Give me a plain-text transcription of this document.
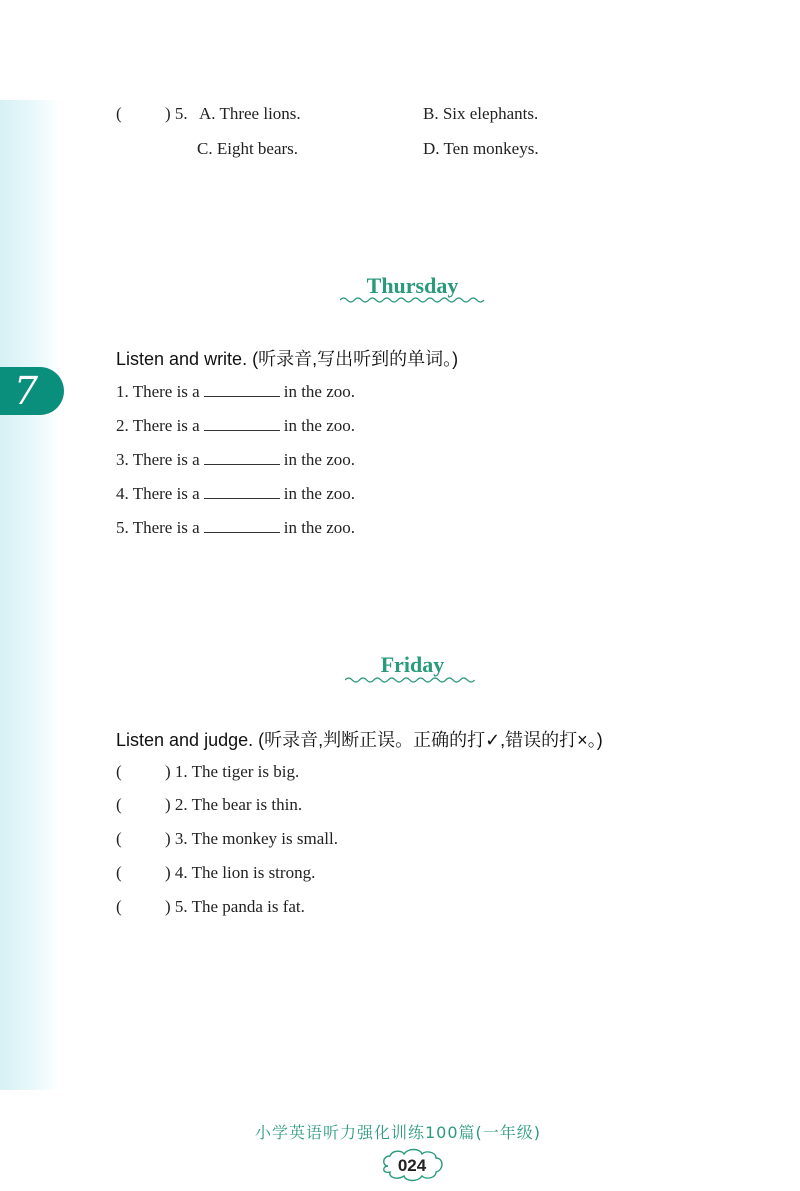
7
(	) 5. A. Three lions.	B. Six elephants.
C. Eight bears.	D. Ten monkeys.
Thursday
Listen and write. (听录音,写出听到的单词。)
1. There is a	in the zoo.
2. There is a	in the zoo.
3. There is a	in the zoo.
4. There is a	in the zoo.
5. There is a	in the zoo.
Friday
Listen and judge. (听录音,判断正误。正确的打✓,错误的打×。)
(	) 1. The tiger is big.
(	) 2. The bear is thin.
(	) 3. The monkey is small.
(	) 4. The lion is strong.
(	) 5. The panda is fat.
小学英语听力强化训练100篇(一年级)
024
